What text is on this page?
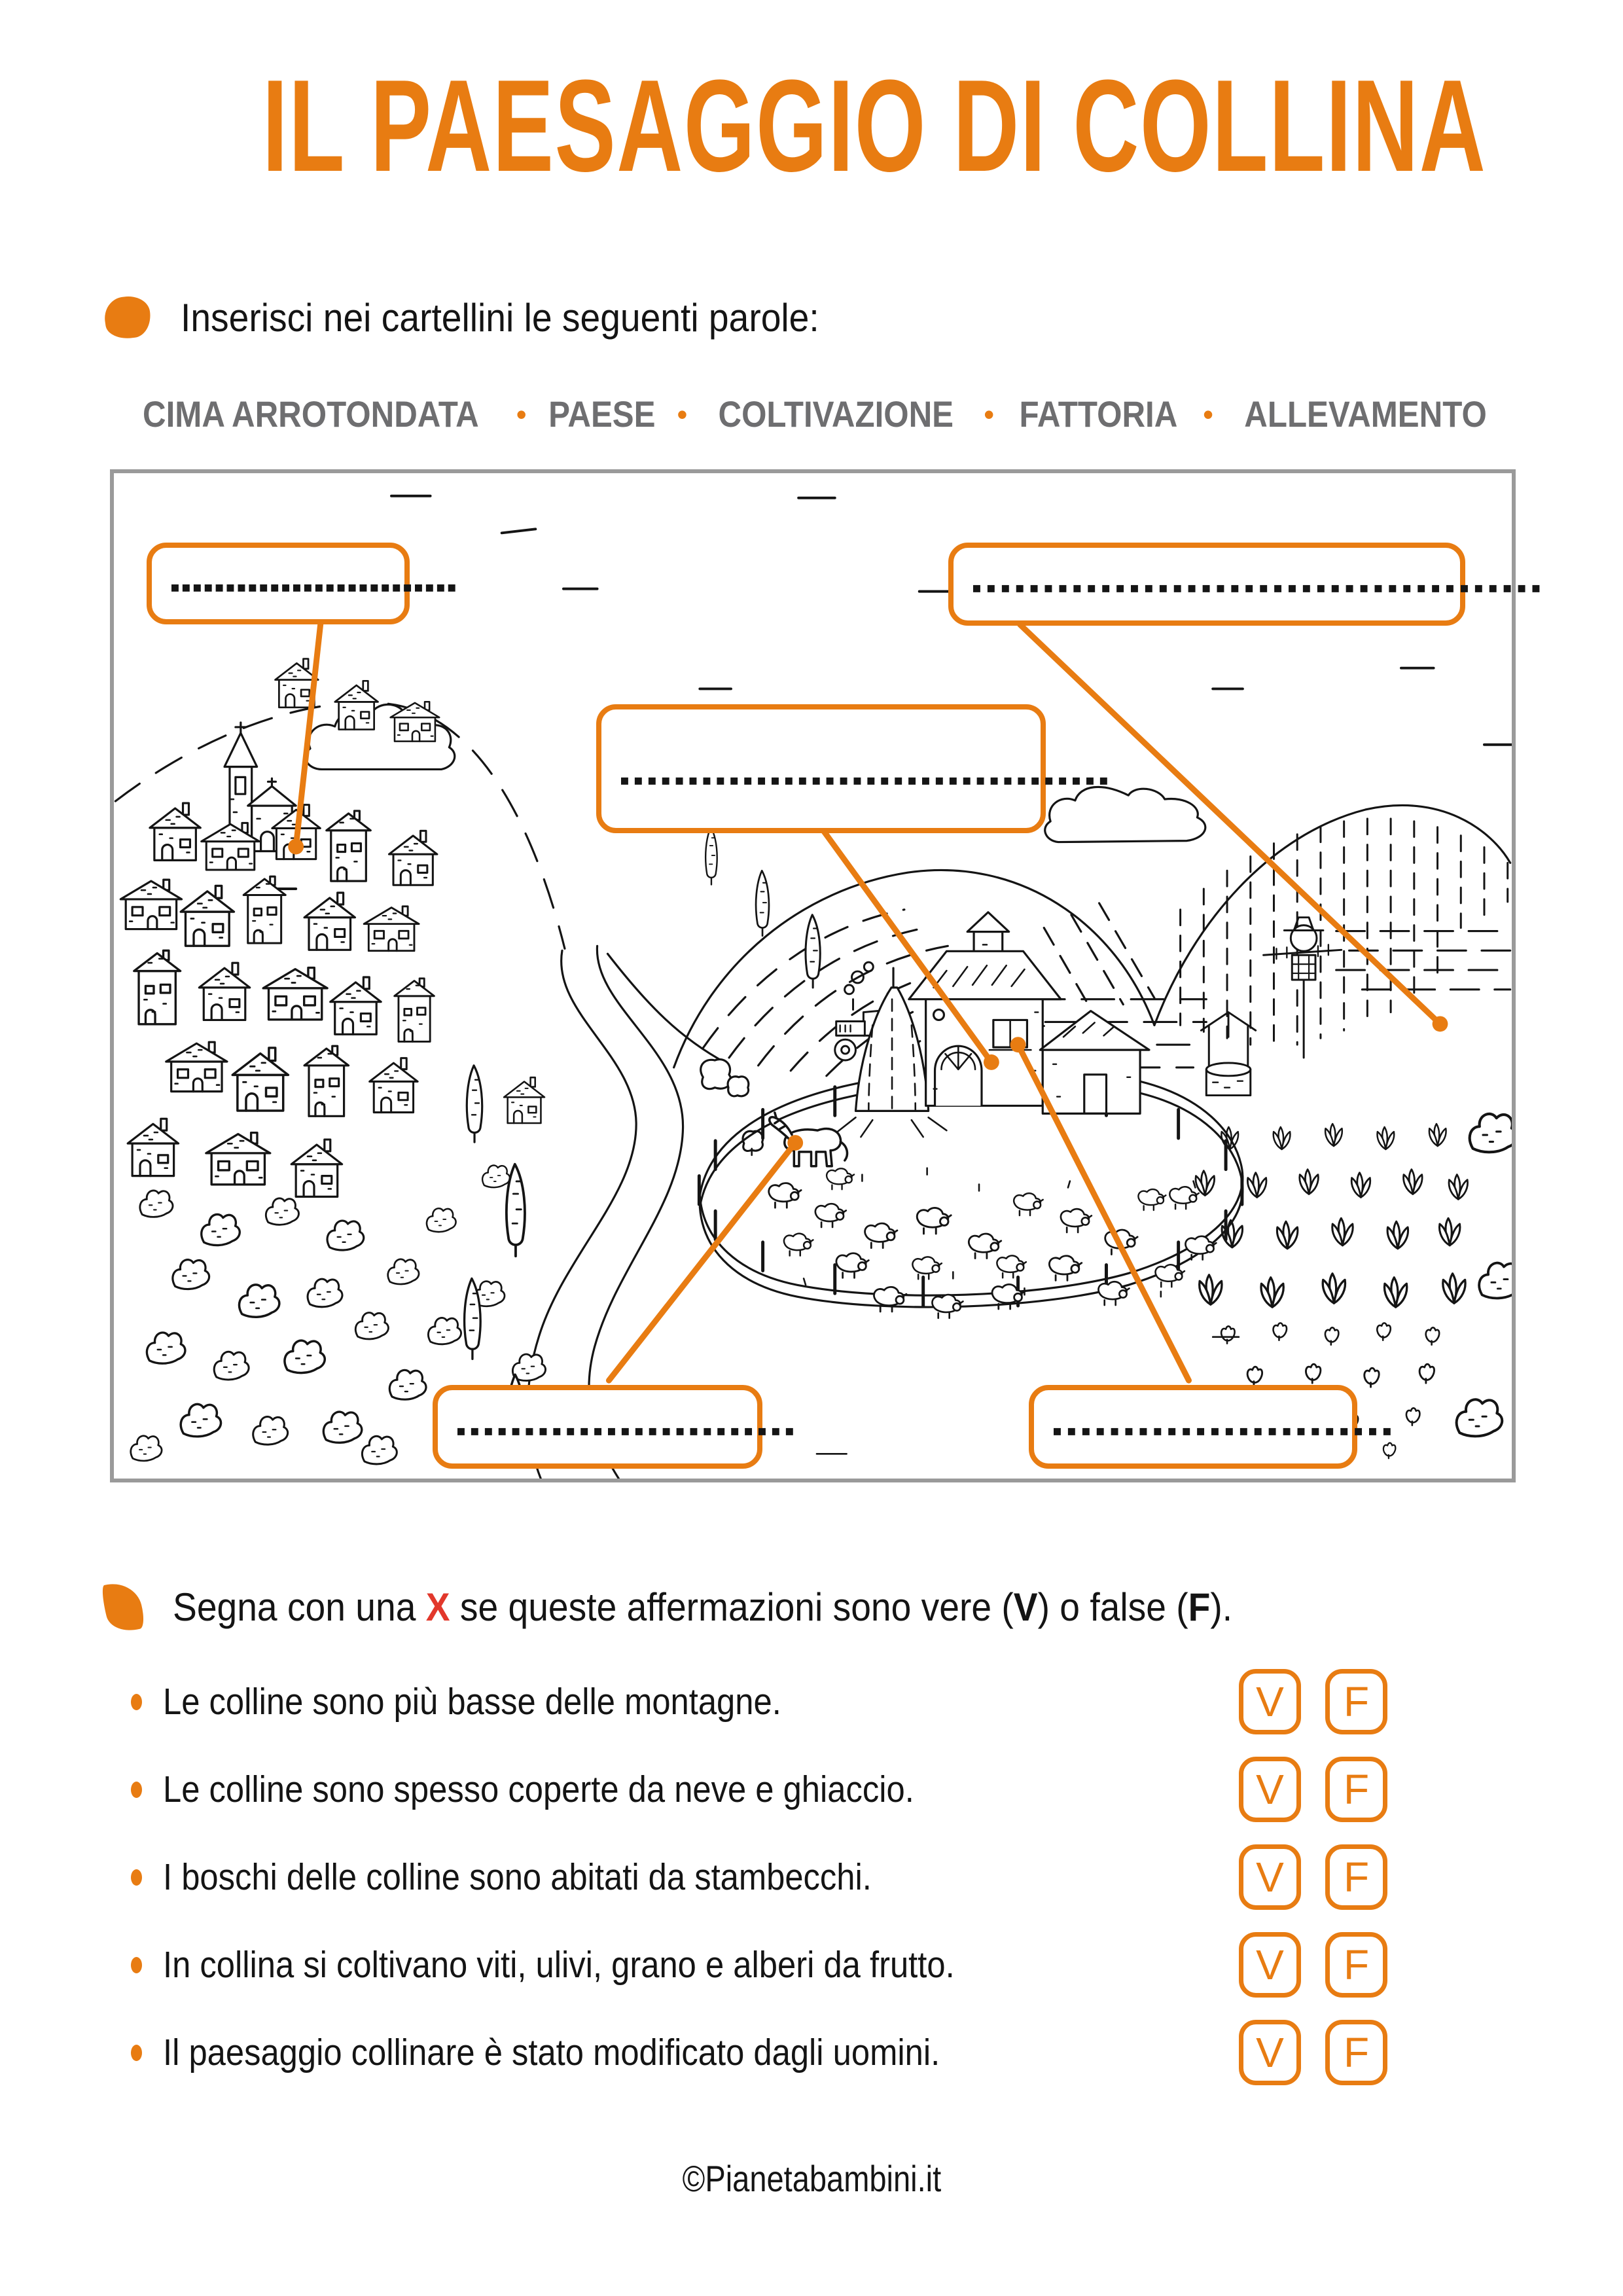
IL PAESAGGIO DI COLLINA
Inserisci nei cartellini le seguenti parole:
CIMA ARROTONDATA • PAESE • COLTIVAZIONE • FATTORIA • ALLEVAMENTO
▪▪▪▪▪▪▪▪▪▪▪▪▪▪▪▪▪▪▪▪▪▪▪▪▪▪	▪▪▪▪▪▪▪▪▪▪▪▪▪▪▪▪▪▪▪▪▪▪▪▪▪▪▪▪▪▪▪▪▪▪▪▪▪▪▪▪
▪▪▪▪▪▪▪▪▪▪▪▪▪▪▪▪▪▪▪▪▪▪▪▪▪▪▪▪▪▪▪▪▪▪▪▪
▪▪▪▪▪▪▪▪▪▪▪▪▪▪▪▪▪▪▪▪▪▪▪▪▪	▪▪▪▪▪▪▪▪▪▪▪▪▪▪▪▪▪▪▪▪▪▪▪▪
Segna con una X se queste affermazioni sono vere (V) o false (F).
Le colline sono più basse delle montagne.	V F
Le colline sono spesso coperte da neve e ghiaccio.	V F
I boschi delle colline sono abitati da stambecchi.	V F
In collina si coltivano viti, ulivi, grano e alberi da frutto.	V F
Il paesaggio collinare è stato modificato dagli uomini.	V F
©Pianetabambini.it
